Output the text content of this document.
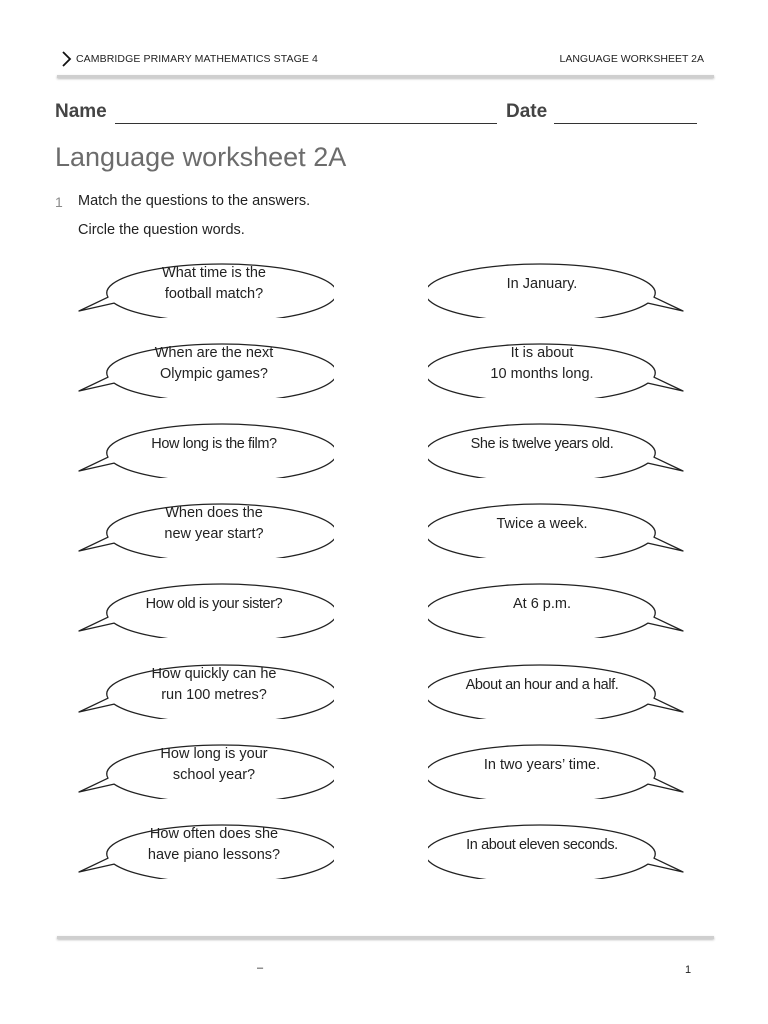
CAMBRIDGE PRIMARY MATHEMATICS STAGE 4	LANGUAGE WORKSHEET 2A
Name	Date
Language worksheet 2A
1 Match the questions to the answers.
Circle the question words.
What time is the
football match?
When are the next
Olympic games?
How long is the film?
When does the
new year start?
How old is your sister?
How quickly can he
run 100 metres?
How long is your
school year?
How often does she
have piano lessons?
In January.
It is about
10 months long.
She is twelve years old.
Twice a week.
At 6 p.m.
About an hour and a half.
In two years’ time.
In about eleven seconds.
–	1
